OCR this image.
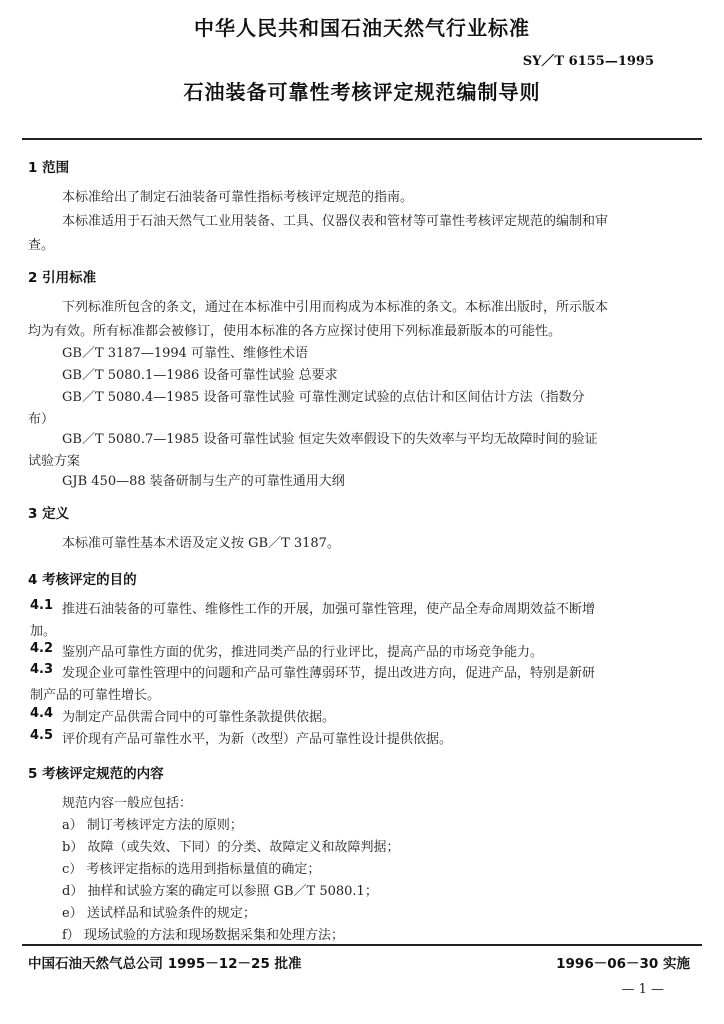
中华人民共和国石油天然气行业标准
SY／T 6155—1995
石油装备可靠性考核评定规范编制导则
1 范围
本标准给出了制定石油装备可靠性指标考核评定规范的指南。
本标准适用于石油天然气工业用装备、工具、仪器仪表和管材等可靠性考核评定规范的编制和审
查。
2 引用标准
下列标准所包含的条文，通过在本标准中引用而构成为本标准的条文。本标准出版时，所示版本
均为有效。所有标准都会被修订，使用本标准的各方应探讨使用下列标准最新版本的可能性。
GB／T 3187—1994 可靠性、维修性术语
GB／T 5080.1—1986 设备可靠性试验 总要求
GB／T 5080.4—1985 设备可靠性试验 可靠性测定试验的点估计和区间估计方法（指数分
布）
GB／T 5080.7—1985 设备可靠性试验 恒定失效率假设下的失效率与平均无故障时间的验证
试验方案
GJB 450—88 装备研制与生产的可靠性通用大纲
3 定义
本标准可靠性基本术语及定义按 GB／T 3187。
4 考核评定的目的
4.1 推进石油装备的可靠性、维修性工作的开展，加强可靠性管理，使产品全寿命周期效益不断增
加。
4.2 鉴别产品可靠性方面的优劣，推进同类产品的行业评比，提高产品的市场竞争能力。
4.3 发现企业可靠性管理中的问题和产品可靠性薄弱环节，提出改进方向，促进产品，特别是新研
制产品的可靠性增长。
4.4 为制定产品供需合同中的可靠性条款提供依据。
4.5 评价现有产品可靠性水平，为新（改型）产品可靠性设计提供依据。
5 考核评定规范的内容
规范内容一般应包括：
a） 制订考核评定方法的原则；
b） 故障（或失效、下同）的分类、故障定义和故障判据；
c） 考核评定指标的选用到指标量值的确定；
d） 抽样和试验方案的确定可以参照 GB／T 5080.1；
e） 送试样品和试验条件的规定；
f） 现场试验的方法和现场数据采集和处理方法；
中国石油天然气总公司 1995－12－25 批准	1996－06－30 实施
— 1 —
